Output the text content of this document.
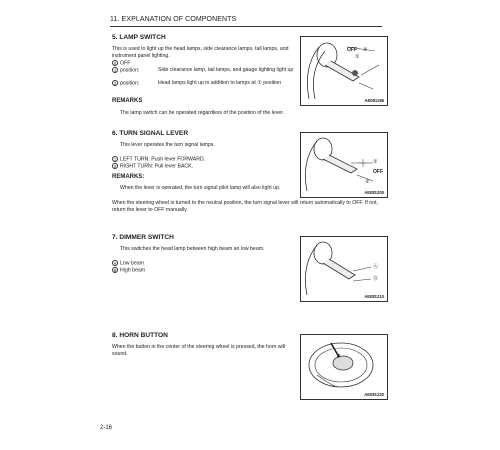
11. EXPLANATION OF COMPONENTS
5. LAMP SWITCH
This is used to light up the head lamps, side clearance lamps, tail lamps, and instrument panel lighting.
0 OFF
1 position:	Side clearance lamp, tail lamps, and gauge lighting light up
2 position:	Head lamps light up in addition to lamps at ① position
REMARKS
The lamp switch can be operated regardless of the position of the lever.
OFF
①
②
AE081196
6. TURN SIGNAL LEVER
This lever operates the turn signal lamps.
1 LEFT TURN: Push lever FORWARD.
2 RIGHT TURN: Pull lever BACK.
REMARKS:
When the lever is operated, the turn signal pilot lamp will also light up.
When the steering wheel is turned to the neutral position, the turn signal lever will return automatically to OFF. If not, return the lever to OFF manually.
①
OFF
②
AE081200
7. DIMMER SWITCH
This switches the head lamp between high beam an low beam.
A Low beam
B High beam
Ⓐ
Ⓑ
AE081210
8. HORN BUTTON
When the button in the center of the steering wheel is pressed, the horn will sound.
AE081220
2-16
